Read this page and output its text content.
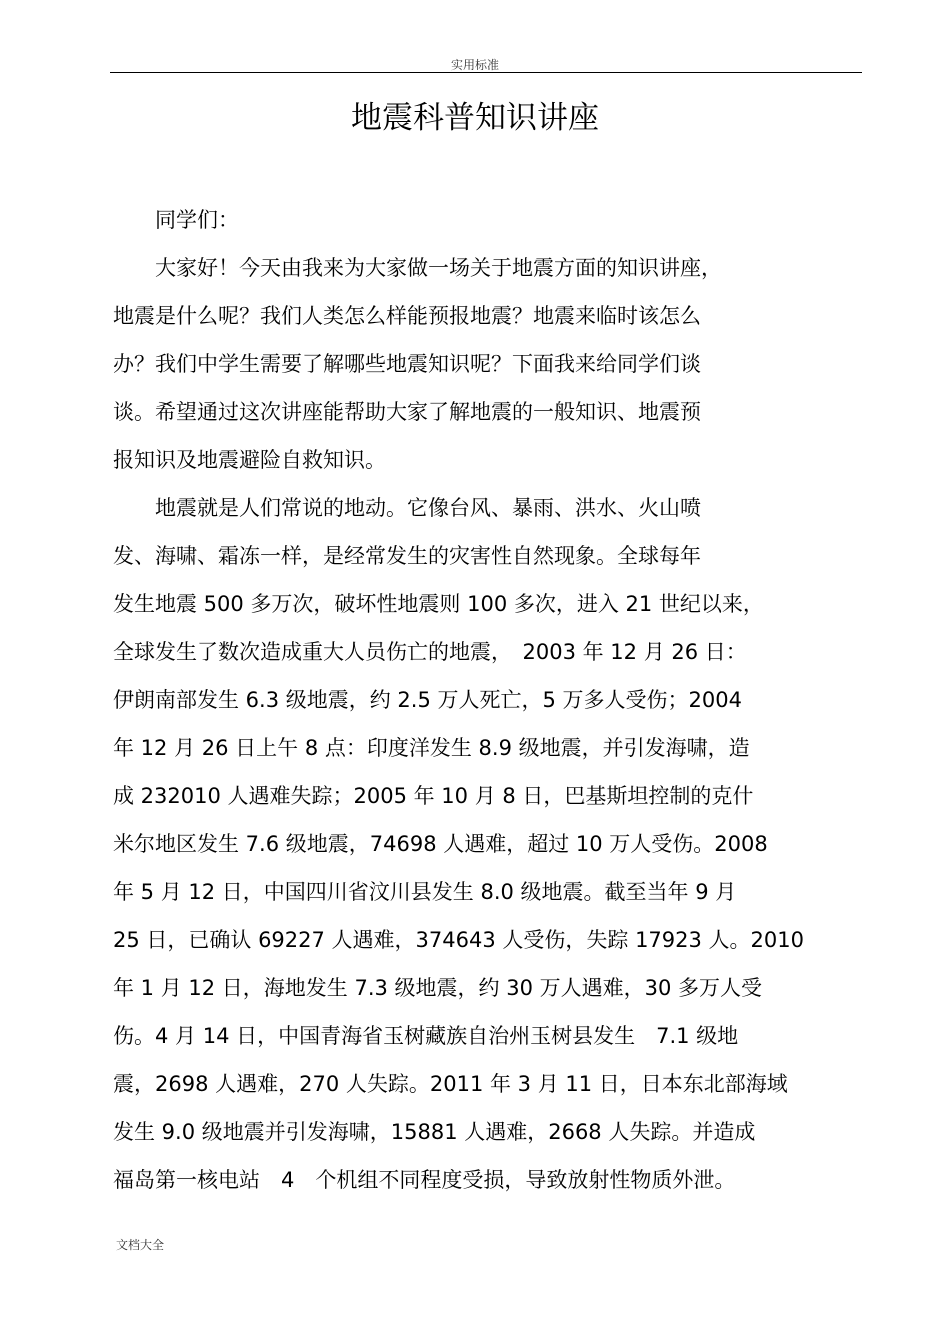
实用标准
地震科普知识讲座
　　同学们：
　　大家好！今天由我来为大家做一场关于地震方面的知识讲座，
地震是什么呢？我们人类怎么样能预报地震？地震来临时该怎么
办？我们中学生需要了解哪些地震知识呢？下面我来给同学们谈
谈。希望通过这次讲座能帮助大家了解地震的一般知识、地震预
报知识及地震避险自救知识。
　　地震就是人们常说的地动。它像台风、暴雨、洪水、火山喷
发、海啸、霜冻一样，是经常发生的灾害性自然现象。全球每年
发生地震 500 多万次，破坏性地震则 100 多次，进入 21 世纪以来，
全球发生了数次造成重大人员伤亡的地震，　2003 年 12 月 26 日：
伊朗南部发生 6.3 级地震，约 2.5 万人死亡，5 万多人受伤；2004
年 12 月 26 日上午 8 点：印度洋发生 8.9 级地震，并引发海啸，造
成 232010 人遇难失踪；2005 年 10 月 8 日，巴基斯坦控制的克什
米尔地区发生 7.6 级地震，74698 人遇难，超过 10 万人受伤。2008
年 5 月 12 日，中国四川省汶川县发生 8.0 级地震。截至当年 9 月
25 日，已确认 69227 人遇难，374643 人受伤，失踪 17923 人。2010
年 1 月 12 日，海地发生 7.3 级地震，约 30 万人遇难，30 多万人受
伤。4 月 14 日，中国青海省玉树藏族自治州玉树县发生　7.1 级地
震，2698 人遇难，270 人失踪。2011 年 3 月 11 日，日本东北部海域
发生 9.0 级地震并引发海啸，15881 人遇难，2668 人失踪。并造成
福岛第一核电站　4　个机组不同程度受损，导致放射性物质外泄。
文档大全
